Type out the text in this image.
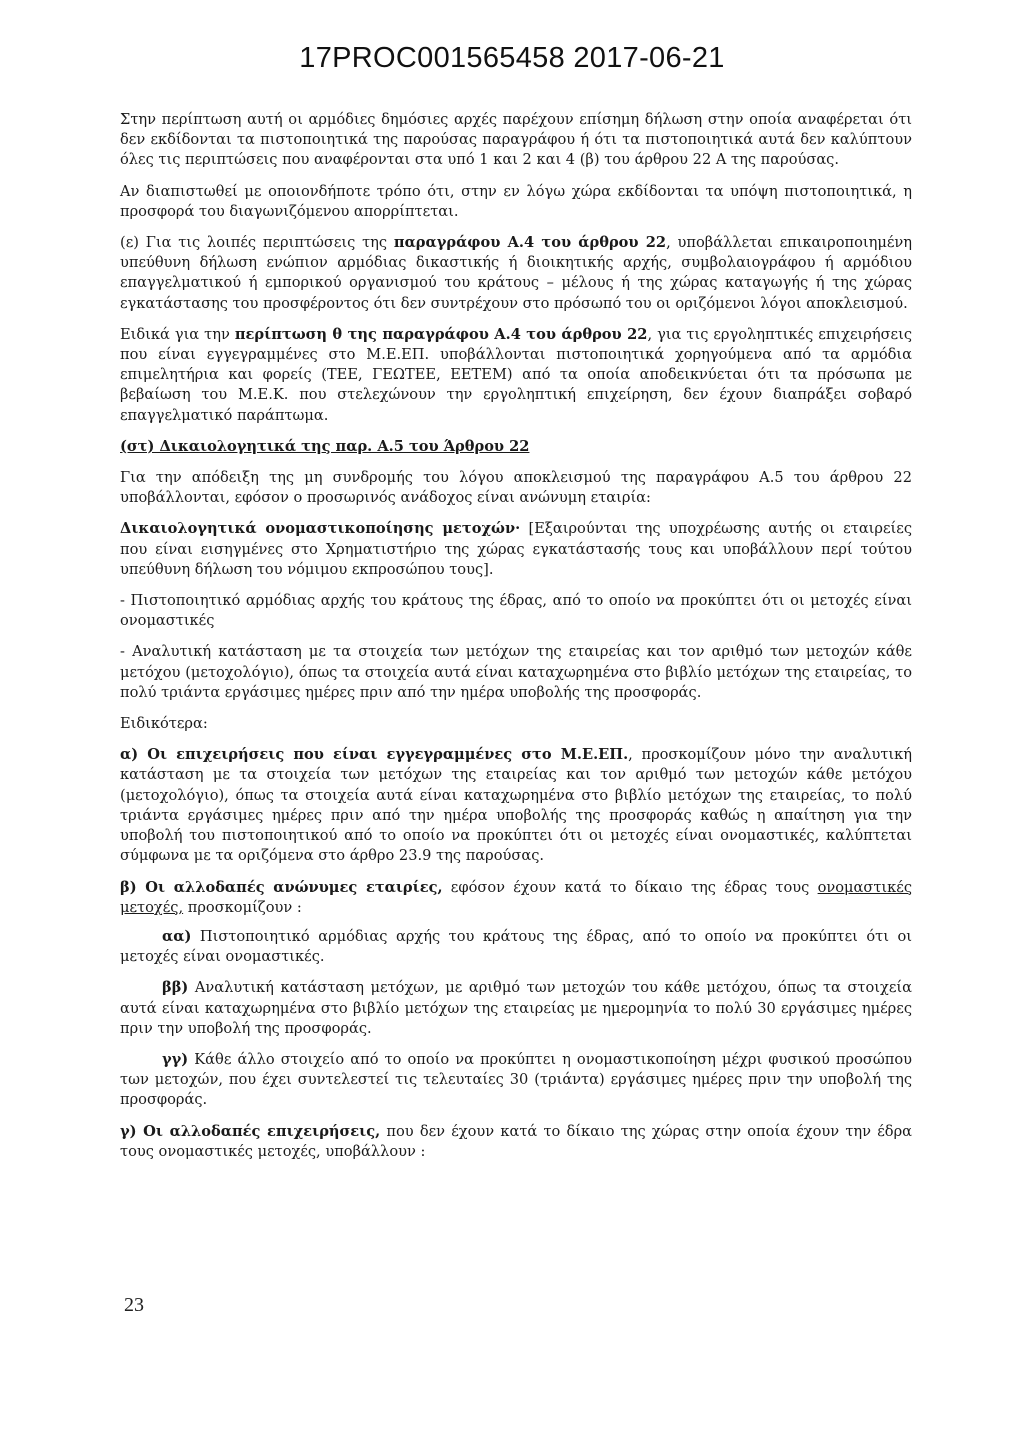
17PROC001565458 2017-06-21

Στην περίπτωση αυτή οι αρμόδιες δημόσιες αρχές παρέχουν επίσημη δήλωση στην οποία αναφέρεται ότι δεν εκδίδονται τα πιστοποιητικά της παρούσας παραγράφου ή ότι τα πιστοποιητικά αυτά δεν καλύπτουν όλες τις περιπτώσεις που αναφέρονται στα υπό 1 και 2 και 4 (β) του άρθρου 22 Α της παρούσας.

Αν διαπιστωθεί με οποιονδήποτε τρόπο ότι, στην εν λόγω χώρα εκδίδονται τα υπόψη πιστοποιητικά, η προσφορά του διαγωνιζόμενου απορρίπτεται.

(ε) Για τις λοιπές περιπτώσεις της παραγράφου Α.4 του άρθρου 22, υποβάλλεται επικαιροποιημένη υπεύθυνη δήλωση ενώπιον αρμόδιας δικαστικής ή διοικητικής αρχής, συμβολαιογράφου ή αρμόδιου επαγγελματικού ή εμπορικού οργανισμού του κράτους – μέλους ή της χώρας καταγωγής ή της χώρας εγκατάστασης του προσφέροντος ότι δεν συντρέχουν στο πρόσωπό του οι οριζόμενοι λόγοι αποκλεισμού.

Ειδικά για την περίπτωση θ της παραγράφου Α.4 του άρθρου 22, για τις εργοληπτικές επιχειρήσεις που είναι εγγεγραμμένες στο Μ.Ε.ΕΠ. υποβάλλονται πιστοποιητικά χορηγούμενα από τα αρμόδια επιμελητήρια και φορείς (ΤΕΕ, ΓΕΩΤΕΕ, ΕΕΤΕΜ) από τα οποία αποδεικνύεται ότι τα πρόσωπα με βεβαίωση του Μ.Ε.Κ. που στελεχώνουν την εργοληπτική επιχείρηση, δεν έχουν διαπράξει σοβαρό επαγγελματικό παράπτωμα.

(στ) Δικαιολογητικά της παρ. Α.5 του Άρθρου 22

Για την απόδειξη της μη συνδρομής του λόγου αποκλεισμού της παραγράφου Α.5 του άρθρου 22 υποβάλλονται, εφόσον ο προσωρινός ανάδοχος είναι ανώνυμη εταιρία:

Δικαιολογητικά ονομαστικοποίησης μετοχών· [Εξαιρούνται της υποχρέωσης αυτής οι εταιρείες που είναι εισηγμένες στο Χρηματιστήριο της χώρας εγκατάστασής τους και υποβάλλουν περί τούτου υπεύθυνη δήλωση του νόμιμου εκπροσώπου τους].

- Πιστοποιητικό αρμόδιας αρχής του κράτους της έδρας, από το οποίο να προκύπτει ότι οι μετοχές είναι ονομαστικές

- Αναλυτική κατάσταση με τα στοιχεία των μετόχων της εταιρείας και τον αριθμό των μετοχών κάθε μετόχου (μετοχολόγιο), όπως τα στοιχεία αυτά είναι καταχωρημένα στο βιβλίο μετόχων της εταιρείας, το πολύ τριάντα εργάσιμες ημέρες πριν από την ημέρα υποβολής της προσφοράς.

Ειδικότερα:

α) Οι επιχειρήσεις που είναι εγγεγραμμένες στο Μ.Ε.ΕΠ., προσκομίζουν μόνο την αναλυτική κατάσταση με τα στοιχεία των μετόχων της εταιρείας και τον αριθμό των μετοχών κάθε μετόχου (μετοχολόγιο), όπως τα στοιχεία αυτά είναι καταχωρημένα στο βιβλίο μετόχων της εταιρείας, το πολύ τριάντα εργάσιμες ημέρες πριν από την ημέρα υποβολής της προσφοράς καθώς η απαίτηση για την υποβολή του πιστοποιητικού από το οποίο να προκύπτει ότι οι μετοχές είναι ονομαστικές, καλύπτεται σύμφωνα με τα οριζόμενα στο άρθρο 23.9 της παρούσας.

β) Οι αλλοδαπές ανώνυμες εταιρίες, εφόσον έχουν κατά το δίκαιο της έδρας τους ονομαστικές μετοχές, προσκομίζουν :

αα) Πιστοποιητικό αρμόδιας αρχής του κράτους της έδρας, από το οποίο να προκύπτει ότι οι μετοχές είναι ονομαστικές.

ββ) Αναλυτική κατάσταση μετόχων, με αριθμό των μετοχών του κάθε μετόχου, όπως τα στοιχεία αυτά είναι καταχωρημένα στο βιβλίο μετόχων της εταιρείας με ημερομηνία το πολύ 30 εργάσιμες ημέρες πριν την υποβολή της προσφοράς.

γγ) Κάθε άλλο στοιχείο από το οποίο να προκύπτει η ονομαστικοποίηση μέχρι φυσικού προσώπου των μετοχών, που έχει συντελεστεί τις τελευταίες 30 (τριάντα) εργάσιμες ημέρες πριν την υποβολή της προσφοράς.

γ) Οι αλλοδαπές επιχειρήσεις, που δεν έχουν κατά το δίκαιο της χώρας στην οποία έχουν την έδρα τους ονομαστικές μετοχές, υποβάλλουν :

23
